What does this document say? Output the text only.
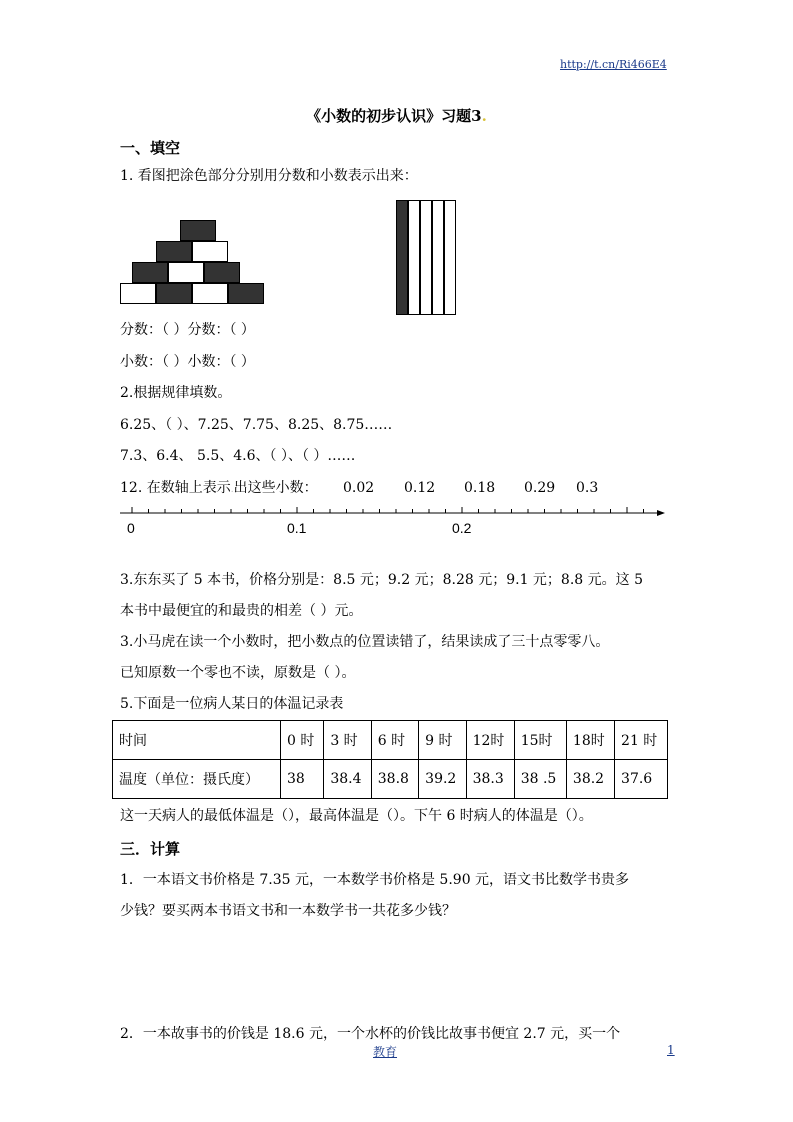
http://t.cn/Ri466E4
《小数的初步认识》习题3.
一、填空
1. 看图把涂色部分分别用分数和小数表示出来：
分数：（ ）分数：（ ）
小数：（ ）小数：（ ）
2.根据规律填数。
6.25、（ ）、7.25、7.75、8.25、8.75……
7.3、6.4、 5.5、4.6、（ ）、（ ）……
12. 在数轴上表示.出这些小数： 0.02 0.12 0.18 0.29 0.3
0	0.1	0.2
3.东东买了 5 本书，价格分别是：8.5 元；9.2 元；8.28 元；9.1 元；8.8 元。这 5
本书中最便宜的和最贵的相差（ ）元。
3.小马虎在读一个小数时，把小数点的位置读错了，结果读成了三十点零零八。
已知原数一个零也不读，原数是（ ）。
5.下面是一位病人某日的体温记录表
时间	0 时	3 时	6 时	9 时	12时	15时	18时	21 时
温度（单位：摄氏度）	38	38.4	38.8	39.2	38.3	38 .5	38.2	37.6
这一天病人的最低体温是（），最高体温是（）。下午 6 时病人的体温是（）。
三．计算
1．一本语文书价格是 7.35 元，一本数学书价格是 5.90 元，语文书比数学书贵多
少钱？要买两本书语文书和一本数学书一共花多少钱？
2．一本故事书的价钱是 18.6 元，一个水杯的价钱比故事书便宜 2.7 元，买一个
教育	1
